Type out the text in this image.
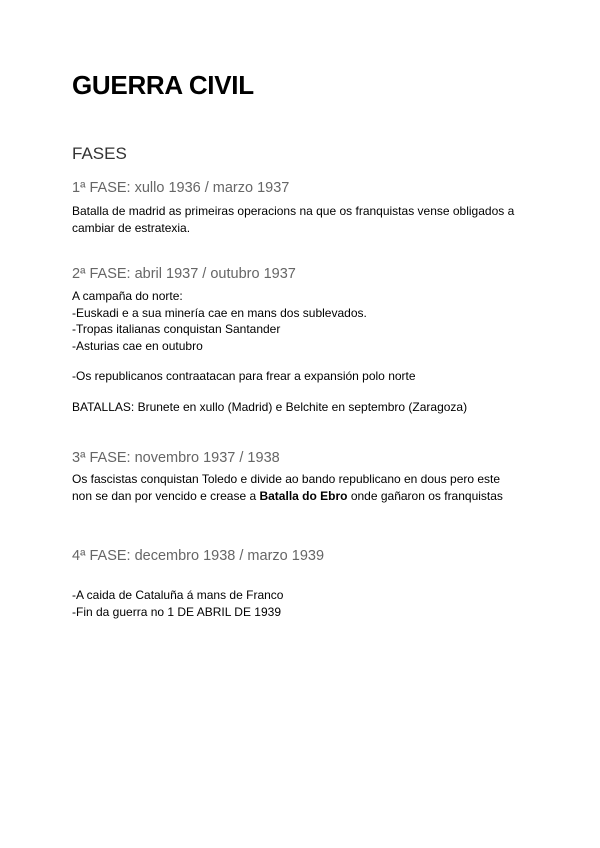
GUERRA CIVIL
FASES
1ª FASE: xullo 1936 / marzo 1937
Batalla de madrid as primeiras operacions na que os franquistas vense obligados a
cambiar de estratexia.
2ª FASE: abril 1937 / outubro 1937
A campaña do norte:
-Euskadi e a sua minería cae en mans dos sublevados.
-Tropas italianas conquistan Santander
-Asturias cae en outubro
-Os republicanos contraatacan para frear a expansión polo norte
BATALLAS: Brunete en xullo (Madrid) e Belchite en septembro (Zaragoza)
3ª FASE: novembro 1937 / 1938
Os fascistas conquistan Toledo e divide ao bando republicano en dous pero este
non se dan por vencido e crease a Batalla do Ebro onde gañaron os franquistas
4ª FASE: decembro 1938 / marzo 1939
-A caida de Cataluña á mans de Franco
-Fin da guerra no 1 DE ABRIL DE 1939
